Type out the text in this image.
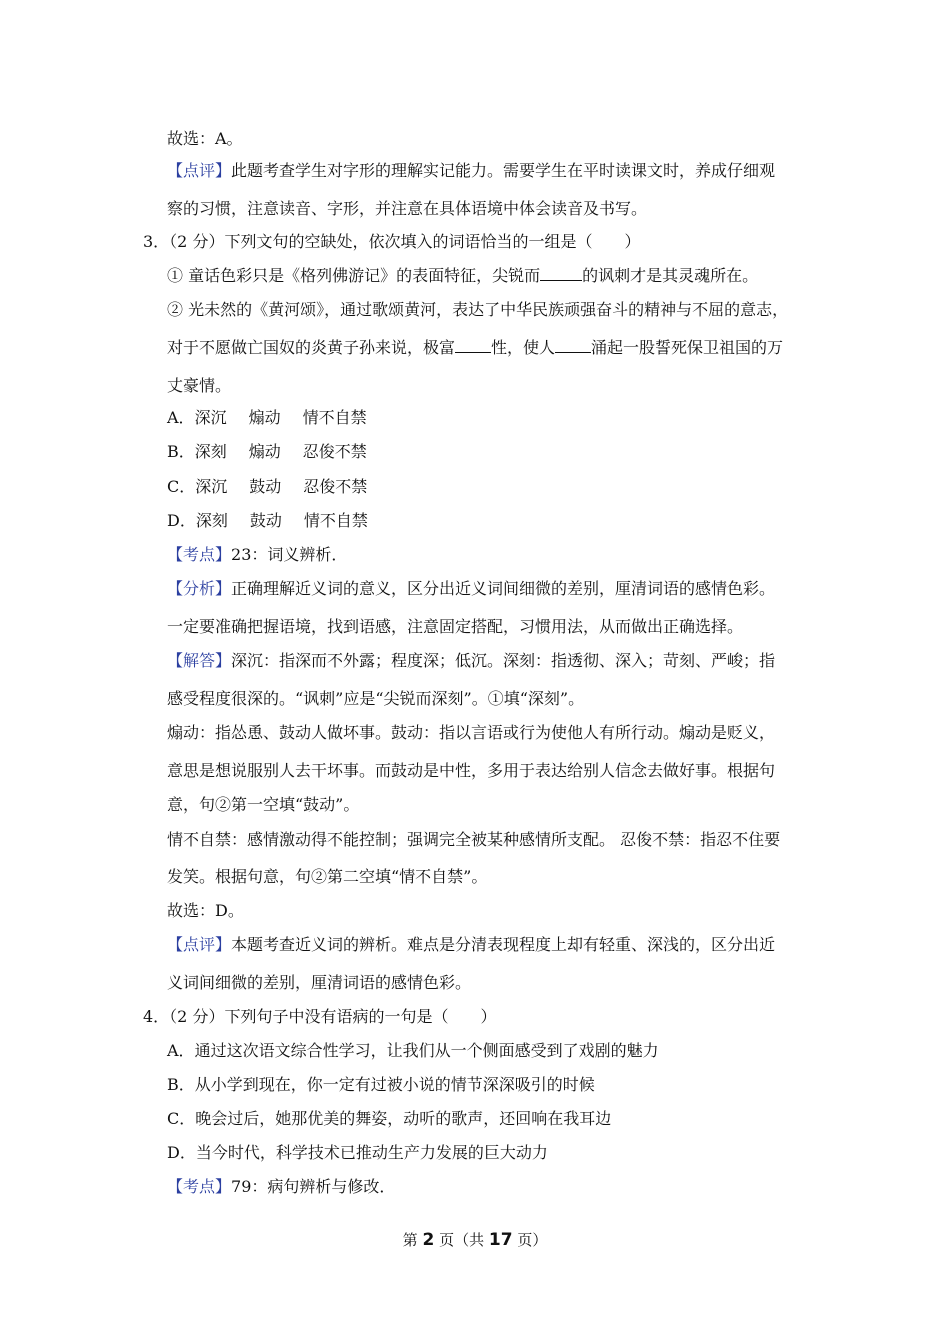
故选：A。
【点评】此题考查学生对字形的理解实记能力。需要学生在平时读课文时，养成仔细观
察的习惯，注意读音、字形，并注意在具体语境中体会读音及书写。
3．（2 分）下列文句的空缺处，依次填入的词语恰当的一组是（　　）
① 童话色彩只是《格列佛游记》的表面特征，尖锐而	的讽刺才是其灵魂所在。
② 光未然的《黄河颂》，通过歌颂黄河，表达了中华民族顽强奋斗的精神与不屈的意志，
对于不愿做亡国奴的炎黄子孙来说，极富 性，使人 涌起一股誓死保卫祖国的万
丈豪情。
A．深沉 煽动 情不自禁
B．深刻 煽动 忍俊不禁
C．深沉 鼓动 忍俊不禁
D．深刻 鼓动 情不自禁
【考点】23：词义辨析．
【分析】正确理解近义词的意义，区分出近义词间细微的差别，厘清词语的感情色彩。
一定要准确把握语境，找到语感，注意固定搭配，习惯用法，从而做出正确选择。
【解答】深沉：指深而不外露；程度深；低沉。深刻：指透彻、深入；苛刻、严峻；指
感受程度很深的。“讽刺”应是“尖锐而深刻”。①填“深刻”。
煽动：指怂恿、鼓动人做坏事。鼓动：指以言语或行为使他人有所行动。煽动是贬义，
意思是想说服别人去干坏事。而鼓动是中性，多用于表达给别人信念去做好事。根据句
意，句②第一空填“鼓动”。
情不自禁：感情激动得不能控制；强调完全被某种感情所支配。 忍俊不禁：指忍不住要
发笑。根据句意，句②第二空填“情不自禁”。
故选：D。
【点评】本题考查近义词的辨析。难点是分清表现程度上却有轻重、深浅的，区分出近
义词间细微的差别，厘清词语的感情色彩。
4．（2 分）下列句子中没有语病的一句是（　　）
A．通过这次语文综合性学习，让我们从一个侧面感受到了戏剧的魅力
B．从小学到现在，你一定有过被小说的情节深深吸引的时候
C．晚会过后，她那优美的舞姿，动听的歌声，还回响在我耳边
D．当今时代，科学技术已推动生产力发展的巨大动力
【考点】79：病句辨析与修改．
第 2 页（共 17 页）
